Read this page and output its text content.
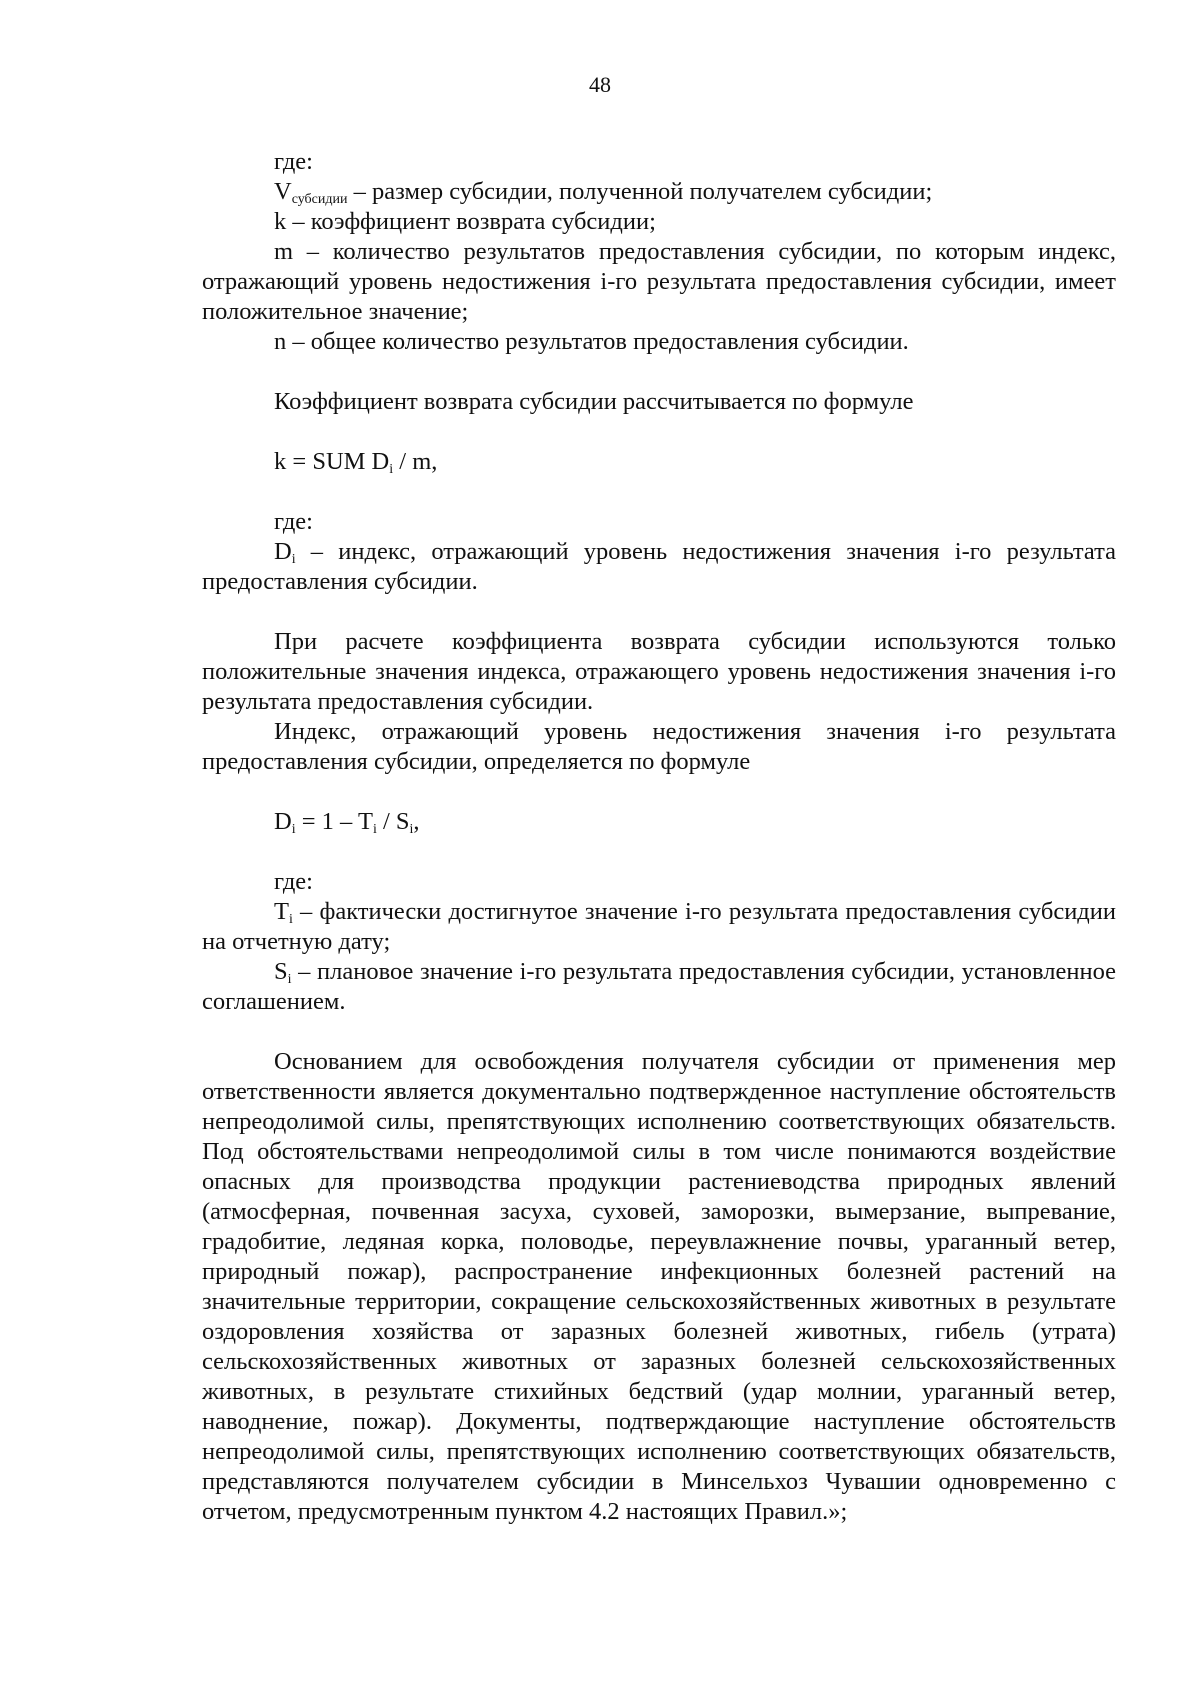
48

где:

$V_{субсидии}$ – размер субсидии, полученной получателем субсидии;

k – коэффициент возврата субсидии;

m – количество результатов предоставления субсидии, по которым индекс, отражающий уровень недостижения i-го результата предоставления субсидии, имеет положительное значение;

n – общее количество результатов предоставления субсидии.

Коэффициент возврата субсидии рассчитывается по формуле

k = SUM $D_i$ / m,

где:

$D_i$ – индекс, отражающий уровень недостижения значения i-го результата предоставления субсидии.

При расчете коэффициента возврата субсидии используются только положительные значения индекса, отражающего уровень недостижения значения i-го результата предоставления субсидии.

Индекс, отражающий уровень недостижения значения i-го результата предоставления субсидии, определяется по формуле

$D_i = 1 - T_i / S_i$,

где:

$T_i$ – фактически достигнутое значение i-го результата предоставления субсидии на отчетную дату;

$S_i$ – плановое значение i-го результата предоставления субсидии, установленное соглашением.

Основанием для освобождения получателя субсидии от применения мер ответственности является документально подтвержденное наступление обстоятельств непреодолимой силы, препятствующих исполнению соответствующих обязательств. Под обстоятельствами непреодолимой силы в том числе понимаются воздействие опасных для производства продукции растениеводства природных явлений (атмосферная, почвенная засуха, суховей, заморозки, вымерзание, выпревание, градобитие, ледяная корка, половодье, переувлажнение почвы, ураганный ветер, природный пожар), распространение инфекционных болезней растений на значительные территории, сокращение сельскохозяйственных животных в результате оздоровления хозяйства от заразных болезней животных, гибель (утрата) сельскохозяйственных животных от заразных болезней сельскохозяйственных животных, в результате стихийных бедствий (удар молнии, ураганный ветер, наводнение, пожар). Документы, подтверждающие наступление обстоятельств непреодолимой силы, препятствующих исполнению соответствующих обязательств, представляются получателем субсидии в Минсельхоз Чувашии одновременно с отчетом, предусмотренным пунктом 4.2 настоящих Правил.»;
